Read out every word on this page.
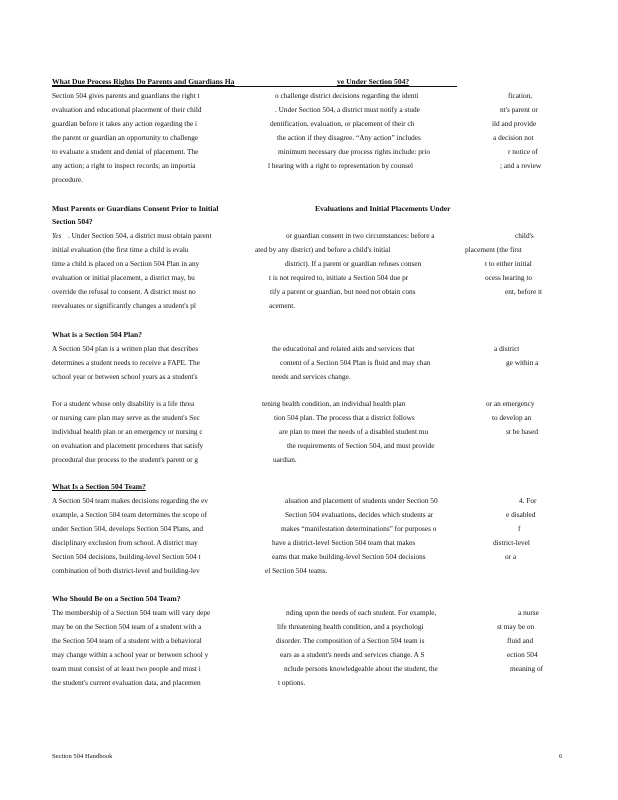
What Due Process Rights Do Parents and Guardians Ha	ve Under Section 504?
Section 504 gives parents and guardians the right t	o challenge district decisions regarding the identi	fication,
evaluation and educational placement of their child	. Under Section 504, a district must notify a stude	nt's parent or
guardian before it takes any action regarding the i	dentification, evaluation, or placement of their ch	ild and provide
the parent or guardian an opportunity to challenge	the action if they disagree. “Any action” includes	a decision not
to evaluate a student and denial of placement. The	minimum necessary due process rights include: prio	r notice of
any action; a right to inspect records; an importia	l hearing with a right to representation by counsel	; and a review
procedure.
Must Parents or Guardians Consent Prior to Initial	Evaluations and Initial Placements Under
Section 504?
Yes . Under Section 504, a district must obtain parent	or guardian consent in two circumstances: before a	child's
initial evaluation (the first time a child is evalu	ated by any district) and before a child's initial	placement (the first
time a child is placed on a Section 504 Plan in any	district). If a parent or guardian refuses consen	t to either initial
evaluation or initial placement, a district may, bu	t is not required to, initiate a Section 504 due pr	ocess hearing to
override the refusal to consent. A district must no	tify a parent or guardian, but need not obtain cons	ent, before it
reevaluates or significantly changes a student's pl	acement.
What is a Section 504 Plan?
A Section 504 plan is a written plan that describes	the educational and related aids and services that	a district
determines a student needs to receive a FAPE. The	content of a Section 504 Plan is fluid and may chan	ge within a
school year or between school years as a student's	needs and services change.
For a student whose only disability is a life threa	tening health condition, an individual health plan	or an emergency
or nursing care plan may serve as the student's Sec	tion 504 plan. The process that a district follows	to develop an
individual health plan or an emergency or nursing c	are plan to meet the needs of a disabled student mu	st be based
on evaluation and placement procedures that satisfy	the requirements of Section 504, and must provide
procedural due process to the student's parent or g	uardian.
What Is a Section 504 Team?
A Section 504 team makes decisions regarding the ev	aluation and placement of students under Section 50	4. For
example, a Section 504 team determines the scope of	Section 504 evaluations, decides which students ar	e disabled
under Section 504, develops Section 504 Plans, and	makes “manifestation determinations” for purposes o	f
disciplinary exclusion from school. A district may	have a district-level Section 504 team that makes	district-level
Section 504 decisions, building-level Section 504 t	eams that make building-level Section 504 decisions	or a
combination of both district-level and building-lev	el Section 504 teams.
Who Should Be on a Section 504 Team?
The membership of a Section 504 team will vary depe	nding upon the needs of each student. For example,	a nurse
may be on the Section 504 team of a student with a	life threatening health condition, and a psychologi	st may be on
the Section 504 team of a student with a behavioral	disorder. The composition of a Section 504 team is	fluid and
may change within a school year or between school y	ears as a student's needs and services change. A S	ection 504
team must consist of at least two people and must i	nclude persons knowledgeable about the student, the	meaning of
the student's current evaluation data, and placemen	t options.
Section 504 Handbook	6
